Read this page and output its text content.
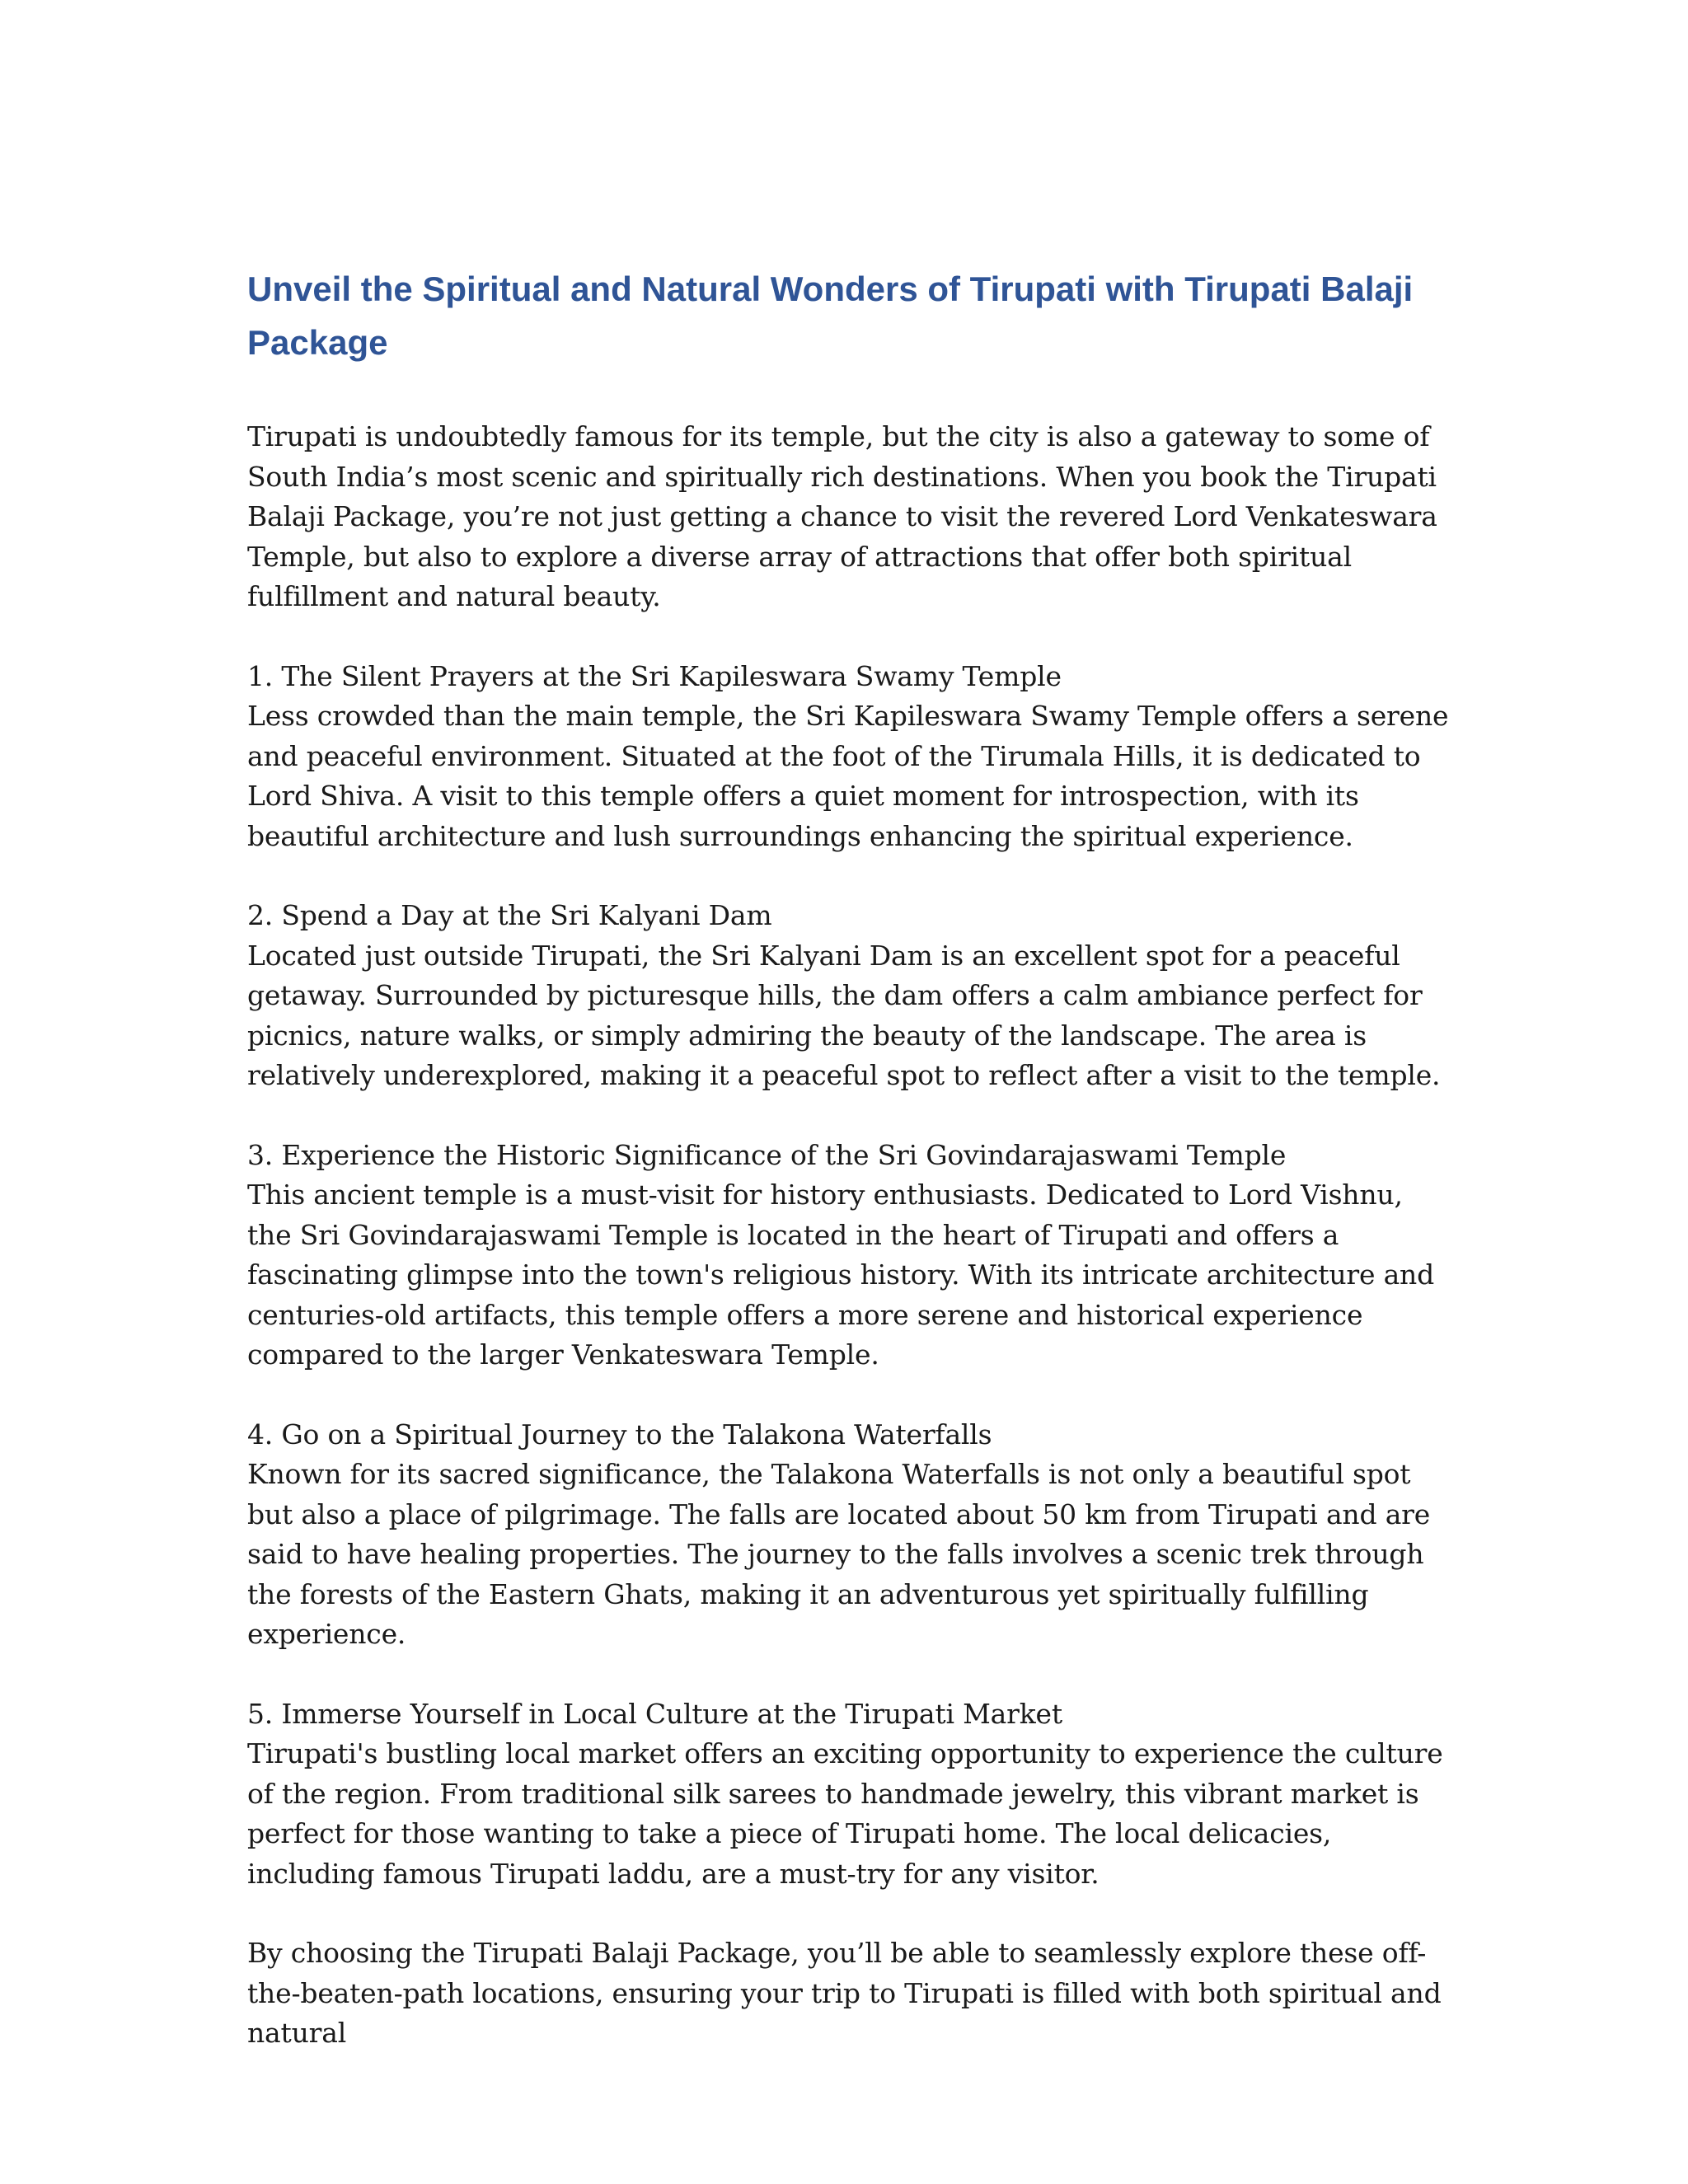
Unveil the Spiritual and Natural Wonders of Tirupati with Tirupati Balaji Package

Tirupati is undoubtedly famous for its temple, but the city is also a gateway to some of South India’s most scenic and spiritually rich destinations. When you book the Tirupati Balaji Package, you’re not just getting a chance to visit the revered Lord Venkateswara Temple, but also to explore a diverse array of attractions that offer both spiritual fulfillment and natural beauty.

1. The Silent Prayers at the Sri Kapileswara Swamy Temple
Less crowded than the main temple, the Sri Kapileswara Swamy Temple offers a serene and peaceful environment. Situated at the foot of the Tirumala Hills, it is dedicated to Lord Shiva. A visit to this temple offers a quiet moment for introspection, with its beautiful architecture and lush surroundings enhancing the spiritual experience.
2. Spend a Day at the Sri Kalyani Dam
Located just outside Tirupati, the Sri Kalyani Dam is an excellent spot for a peaceful getaway. Surrounded by picturesque hills, the dam offers a calm ambiance perfect for picnics, nature walks, or simply admiring the beauty of the landscape. The area is relatively underexplored, making it a peaceful spot to reflect after a visit to the temple.
3. Experience the Historic Significance of the Sri Govindarajaswami Temple
This ancient temple is a must-visit for history enthusiasts. Dedicated to Lord Vishnu, the Sri Govindarajaswami Temple is located in the heart of Tirupati and offers a fascinating glimpse into the town's religious history. With its intricate architecture and centuries-old artifacts, this temple offers a more serene and historical experience compared to the larger Venkateswara Temple.
4. Go on a Spiritual Journey to the Talakona Waterfalls
Known for its sacred significance, the Talakona Waterfalls is not only a beautiful spot but also a place of pilgrimage. The falls are located about 50 km from Tirupati and are said to have healing properties. The journey to the falls involves a scenic trek through the forests of the Eastern Ghats, making it an adventurous yet spiritually fulfilling experience.
5. Immerse Yourself in Local Culture at the Tirupati Market
Tirupati's bustling local market offers an exciting opportunity to experience the culture of the region. From traditional silk sarees to handmade jewelry, this vibrant market is perfect for those wanting to take a piece of Tirupati home. The local delicacies, including famous Tirupati laddu, are a must-try for any visitor.

By choosing the Tirupati Balaji Package, you’ll be able to seamlessly explore these off-the-beaten-path locations, ensuring your trip to Tirupati is filled with both spiritual and natural
